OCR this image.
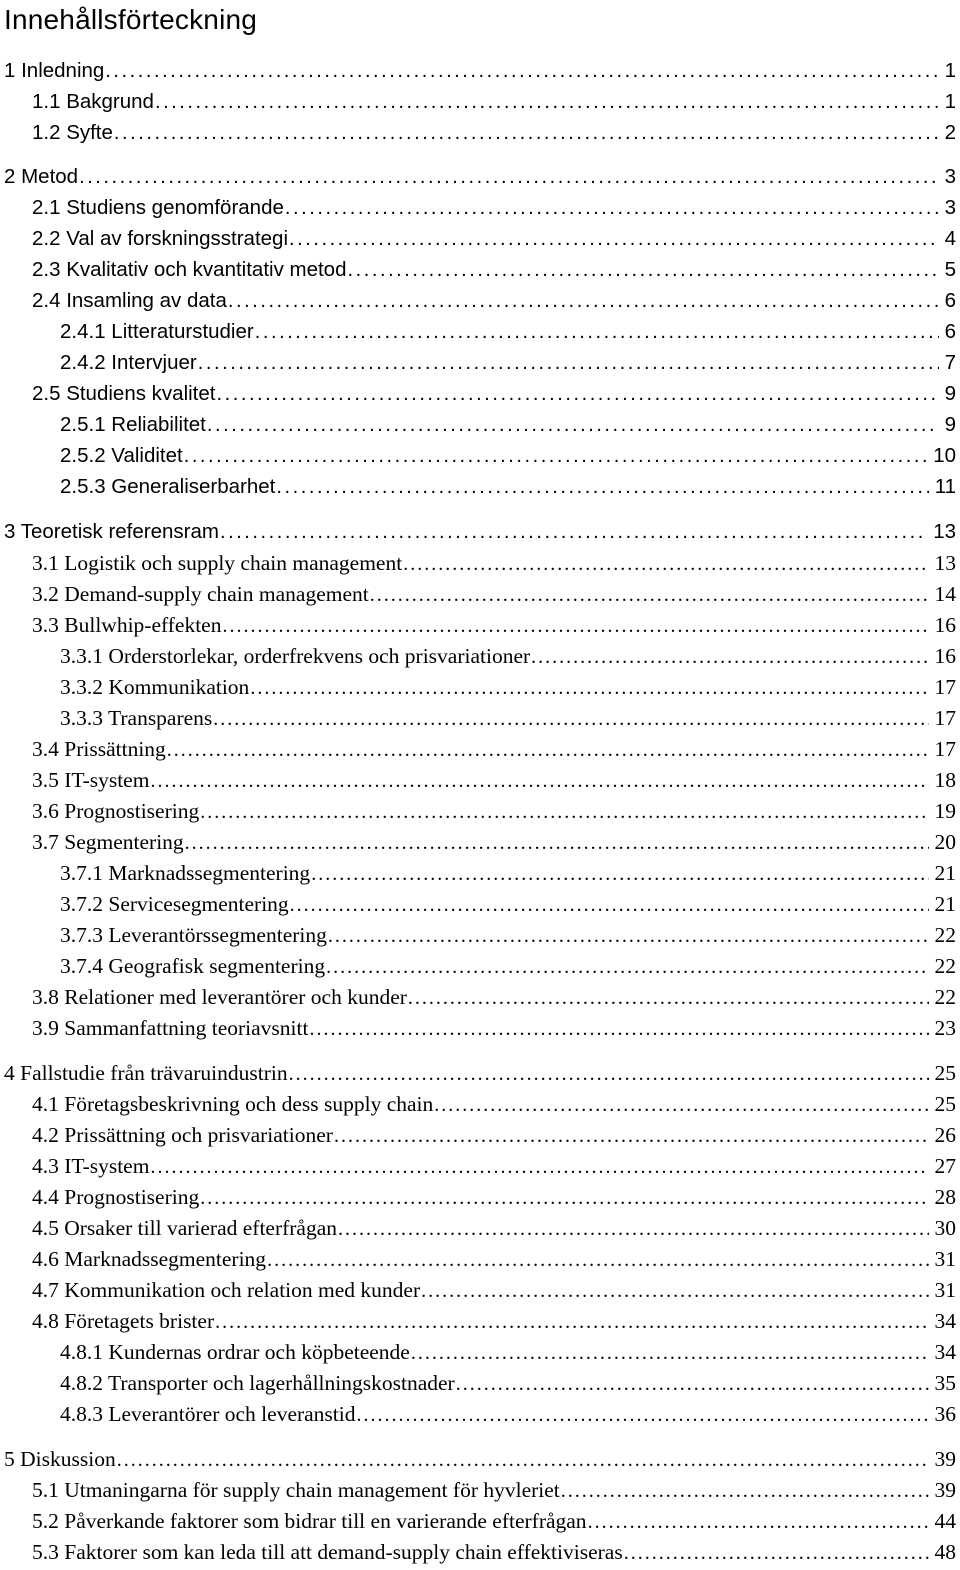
Innehållsförteckning
1 Inledning . . .	1
1.1 Bakgrund . . .	1
1.2 Syfte . . .	2
2 Metod . . .	3
2.1 Studiens genomförande . . .	3
2.2 Val av forskningsstrategi . . .	4
2.3 Kvalitativ och kvantitativ metod . . .	5
2.4 Insamling av data . . .	6
2.4.1 Litteraturstudier . . .	6
2.4.2 Intervjuer . . .	7
2.5 Studiens kvalitet . . .	9
2.5.1 Reliabilitet . . .	9
2.5.2 Validitet . . .	10
2.5.3 Generaliserbarhet . . .	11
3 Teoretisk referensram . . .	13
3.1 Logistik och supply chain management . . .	13
3.2 Demand-supply chain management . . .	14
3.3 Bullwhip-effekten . . .	16
3.3.1 Orderstorlekar, orderfrekvens och prisvariationer . . .	16
3.3.2 Kommunikation . . .	17
3.3.3 Transparens . . .	17
3.4 Prissättning . . .	17
3.5 IT-system . . .	18
3.6 Prognostisering . . .	19
3.7 Segmentering . . .	20
3.7.1 Marknadssegmentering . . .	21
3.7.2 Servicesegmentering . . .	21
3.7.3 Leverantörssegmentering . . .	22
3.7.4 Geografisk segmentering . . .	22
3.8 Relationer med leverantörer och kunder . . .	22
3.9 Sammanfattning teoriavsnitt . . .	23
4 Fallstudie från trävaruindustrin . . .	25
4.1 Företagsbeskrivning och dess supply chain . . .	25
4.2 Prissättning och prisvariationer . . .	26
4.3 IT-system . . .	27
4.4 Prognostisering . . .	28
4.5 Orsaker till varierad efterfrågan . . .	30
4.6 Marknadssegmentering . . .	31
4.7 Kommunikation och relation med kunder . . .	31
4.8 Företagets brister . . .	34
4.8.1 Kundernas ordrar och köpbeteende . . .	34
4.8.2 Transporter och lagerhållningskostnader . . .	35
4.8.3 Leverantörer och leveranstid . . .	36
5 Diskussion . . .	39
5.1 Utmaningarna för supply chain management för hyvleriet . . .	39
5.2 Påverkande faktorer som bidrar till en varierande efterfrågan . . .	44
5.3 Faktorer som kan leda till att demand-supply chain effektiviseras . . .	48
